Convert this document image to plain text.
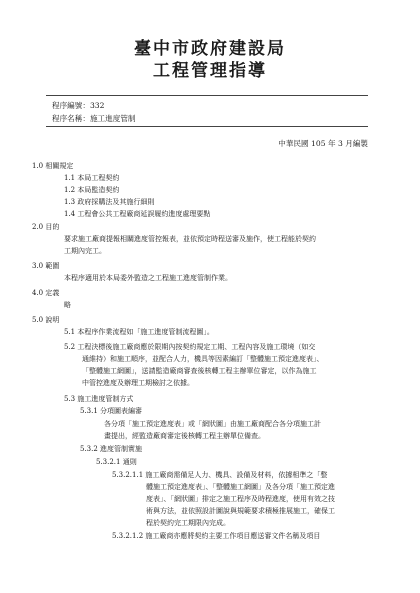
臺中市政府建設局
工程管理指導
程序編號：332
程序名稱：施工進度管制
中華民國 105 年 3 月編製
1.0 相關規定
1.1 本局工程契約
1.2 本局監造契約
1.3 政府採購法及其施行細則
1.4 工程會公共工程廠商延誤履約進度處理要點
2.0 目的
要求施工廠商提報相關進度管控報表，並依預定時程送審及施作，使工程能於契約
工期內完工。
3.0 範圍
本程序適用於本局委外監造之工程施工進度管制作業。
4.0 定義
略
5.0 說明
5.1 本程序作業流程如「施工進度管制流程圖」。
5.2 工程決標後施工廠商應於限期內按契約規定工期、工程內容及施工環境（如交
通維持）和施工順序，並配合人力，機具等因素編訂「整體施工預定進度表」、
「整體施工網圖」，送請監造廠商審查後核轉工程主辦單位審定，以作為施工
中管控進度及辦理工期檢討之依據。
5.3 施工進度管制方式
5.3.1 分項圖表編審
各分項「施工預定進度表」或「網狀圖」由施工廠商配合各分項施工計
畫提出，經監造廠商審定後核轉工程主辦單位備查。
5.3.2 進度管制實施
5.3.2.1 通則
5.3.2.1.1 施工廠商需備足人力、機具、設備及材料，依據相準之「整
體施工預定進度表」、「整體施工網圖」及各分項「施工預定進
度表」、「網狀圖」排定之施工程序及時程進度，使用有效之技
術與方法，並依照設計圖說與規範要求積極推展施工，確保工
程於契約完工期限內完成。
5.3.2.1.2 施工廠商亦應將契約主要工作項目應送審文件名稱及項目
